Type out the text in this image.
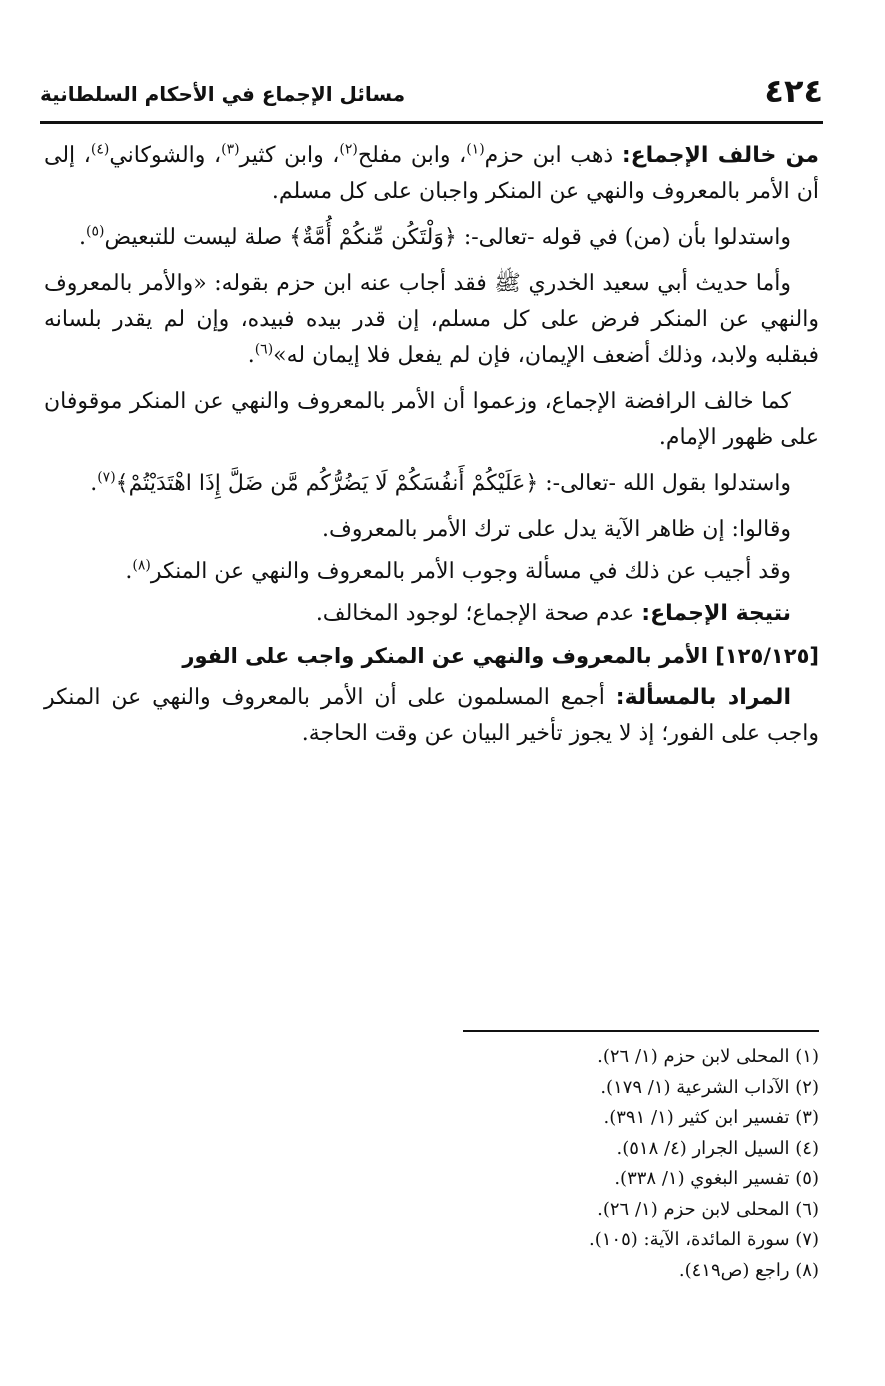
٤٢٤
مسائل الإجماع في الأحكام السلطانية

من خالف الإجماع: ذهب ابن حزم$^{(١)}$، وابن مفلح$^{(٢)}$، وابن كثير$^{(٣)}$، والشوكاني$^{(٤)}$، إلى أن الأمر بالمعروف والنهي عن المنكر واجبان على كل مسلم.

واستدلوا بأن (من) في قوله -تعالى-: ﴿وَلْتَكُن مِّنكُمْ أُمَّةٌ﴾ صلة ليست للتبعيض$^{(٥)}$.

وأما حديث أبي سعيد الخدري ﷺ فقد أجاب عنه ابن حزم بقوله: «والأمر بالمعروف والنهي عن المنكر فرض على كل مسلم، إن قدر بيده فبيده، وإن لم يقدر بلسانه فبقلبه ولابد، وذلك أضعف الإيمان، فإن لم يفعل فلا إيمان له»$^{(٦)}$.

كما خالف الرافضة الإجماع، وزعموا أن الأمر بالمعروف والنهي عن المنكر موقوفان على ظهور الإمام.

واستدلوا بقول الله -تعالى-: ﴿عَلَيْكُمْ أَنفُسَكُمْ لَا يَضُرُّكُم مَّن ضَلَّ إِذَا اهْتَدَيْتُمْ﴾$^{(٧)}$.

وقالوا: إن ظاهر الآية يدل على ترك الأمر بالمعروف.

وقد أجيب عن ذلك في مسألة وجوب الأمر بالمعروف والنهي عن المنكر$^{(٨)}$.

نتيجة الإجماع: عدم صحة الإجماع؛ لوجود المخالف.

[١٢٥/١٢٥] الأمر بالمعروف والنهي عن المنكر واجب على الفور

المراد بالمسألة: أجمع المسلمون على أن الأمر بالمعروف والنهي عن المنكر واجب على الفور؛ إذ لا يجوز تأخير البيان عن وقت الحاجة.

(١) المحلى لابن حزم (١/ ٢٦).
(٢) الآداب الشرعية (١/ ١٧٩).
(٣) تفسير ابن كثير (١/ ٣٩١).
(٤) السيل الجرار (٤/ ٥١٨).
(٥) تفسير البغوي (١/ ٣٣٨).
(٦) المحلى لابن حزم (١/ ٢٦).
(٧) سورة المائدة، الآية: (١٠٥).
(٨) راجع (ص٤١٩).
